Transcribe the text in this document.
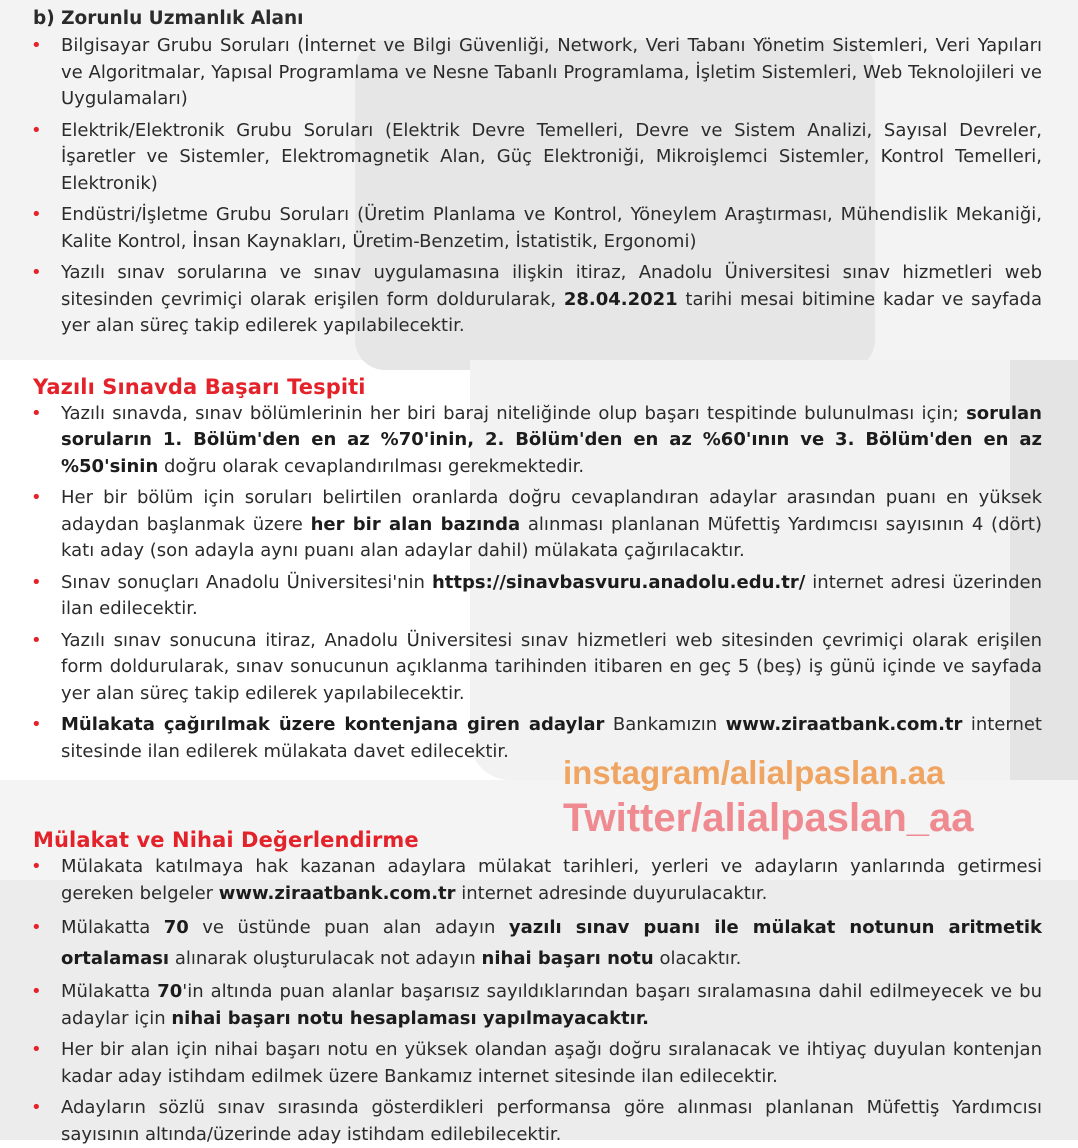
b) Zorunlu Uzmanlık Alanı
• Bilgisayar Grubu Soruları (İnternet ve Bilgi Güvenliği, Network, Veri Tabanı Yönetim Sistemleri, Veri Yapıları ve Algoritmalar, Yapısal Programlama ve Nesne Tabanlı Programlama, İşletim Sistemleri, Web Teknolojileri ve Uygulamaları)
• Elektrik/Elektronik Grubu Soruları (Elektrik Devre Temelleri, Devre ve Sistem Analizi, Sayısal Devreler, İşaretler ve Sistemler, Elektromagnetik Alan, Güç Elektroniği, Mikroişlemci Sistemler, Kontrol Temelleri, Elektronik)
• Endüstri/İşletme Grubu Soruları (Üretim Planlama ve Kontrol, Yöneylem Araştırması, Mühendislik Mekaniği, Kalite Kontrol, İnsan Kaynakları, Üretim-Benzetim, İstatistik, Ergonomi)
• Yazılı sınav sorularına ve sınav uygulamasına ilişkin itiraz, Anadolu Üniversitesi sınav hizmetleri web sitesinden çevrimiçi olarak erişilen form doldurularak, 28.04.2021 tarihi mesai bitimine kadar ve sayfada yer alan süreç takip edilerek yapılabilecektir.
Yazılı Sınavda Başarı Tespiti
• Yazılı sınavda, sınav bölümlerinin her biri baraj niteliğinde olup başarı tespitinde bulunulması için; sorulan soruların 1. Bölüm'den en az %70'inin, 2. Bölüm'den en az %60'ının ve 3. Bölüm'den en az %50'sinin doğru olarak cevaplandırılması gerekmektedir.
• Her bir bölüm için soruları belirtilen oranlarda doğru cevaplandıran adaylar arasından puanı en yüksek adaydan başlanmak üzere her bir alan bazında alınması planlanan Müfettiş Yardımcısı sayısının 4 (dört) katı aday (son adayla aynı puanı alan adaylar dahil) mülakata çağırılacaktır.
• Sınav sonuçları Anadolu Üniversitesi'nin https://sinavbasvuru.anadolu.edu.tr/ internet adresi üzerinden ilan edilecektir.
• Yazılı sınav sonucuna itiraz, Anadolu Üniversitesi sınav hizmetleri web sitesinden çevrimiçi olarak erişilen form doldurularak, sınav sonucunun açıklanma tarihinden itibaren en geç 5 (beş) iş günü içinde ve sayfada yer alan süreç takip edilerek yapılabilecektir.
• Mülakata çağırılmak üzere kontenjana giren adaylar Bankamızın www.ziraatbank.com.tr internet sitesinde ilan edilerek mülakata davet edilecektir.
Mülakat ve Nihai Değerlendirme
• Mülakata katılmaya hak kazanan adaylara mülakat tarihleri, yerleri ve adayların yanlarında getirmesi gereken belgeler www.ziraatbank.com.tr internet adresinde duyurulacaktır.
• Mülakatta 70 ve üstünde puan alan adayın yazılı sınav puanı ile mülakat notunun aritmetik ortalaması alınarak oluşturulacak not adayın nihai başarı notu olacaktır.
• Mülakatta 70'in altında puan alanlar başarısız sayıldıklarından başarı sıralamasına dahil edilmeyecek ve bu adaylar için nihai başarı notu hesaplaması yapılmayacaktır.
• Her bir alan için nihai başarı notu en yüksek olandan aşağı doğru sıralanacak ve ihtiyaç duyulan kontenjan kadar aday istihdam edilmek üzere Bankamız internet sitesinde ilan edilecektir.
• Adayların sözlü sınav sırasında gösterdikleri performansa göre alınması planlanan Müfettiş Yardımcısı sayısının altında/üzerinde aday istihdam edilebilecektir.
instagram/alialpaslan.aa
Twitter/alialpaslan_aa
